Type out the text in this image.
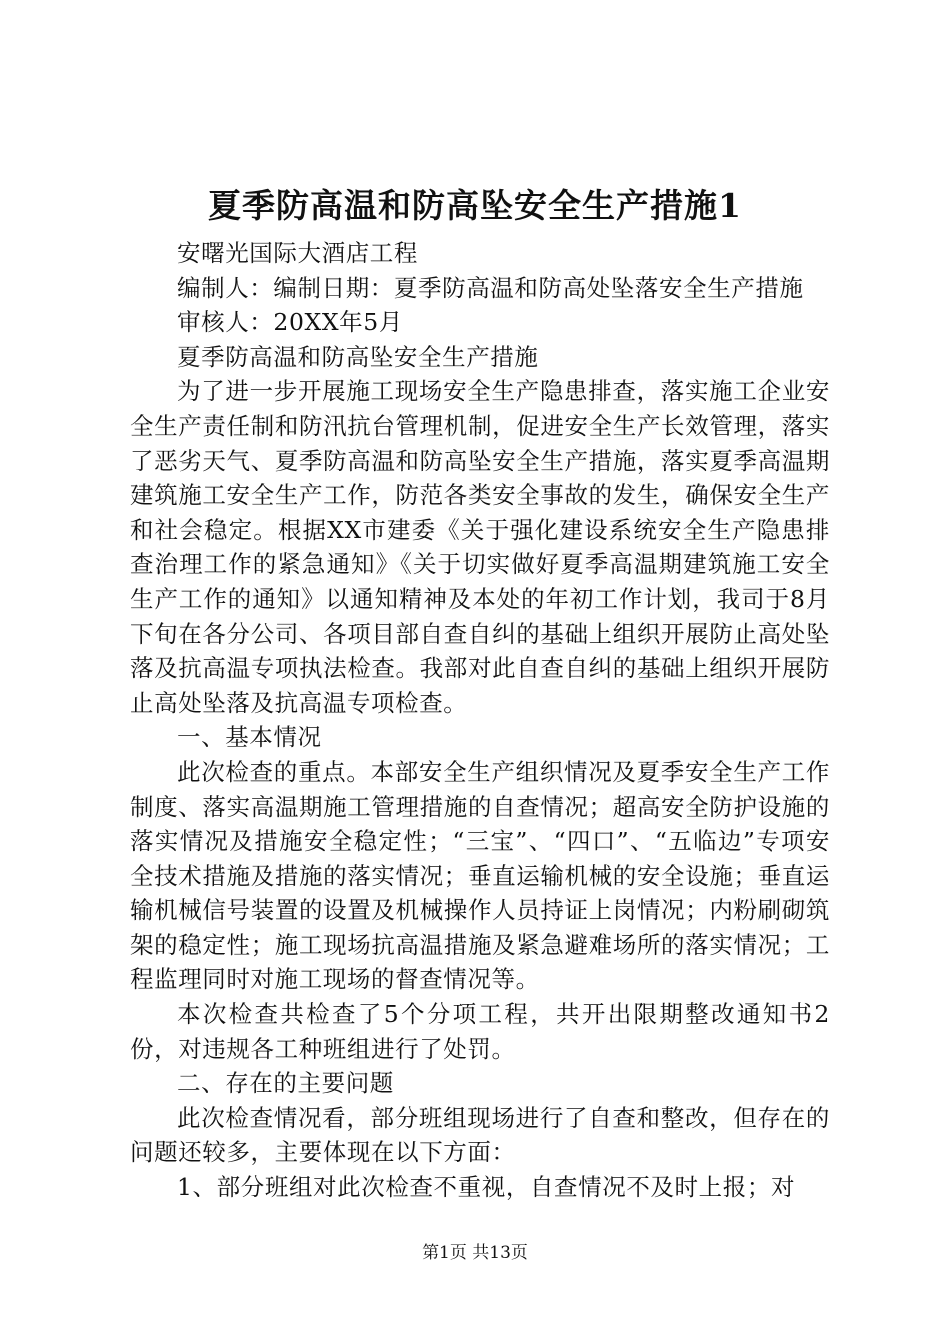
夏季防高温和防高坠安全生产措施1

安曙光国际大酒店工程

编制人：编制日期：夏季防高温和防高处坠落安全生产措施

审核人：20XX年5月

夏季防高温和防高坠安全生产措施

为了进一步开展施工现场安全生产隐患排查，落实施工企业安全生产责任制和防汛抗台管理机制，促进安全生产长效管理，落实了恶劣天气、夏季防高温和防高坠安全生产措施，落实夏季高温期建筑施工安全生产工作，防范各类安全事故的发生，确保安全生产和社会稳定。根据XX市建委《关于强化建设系统安全生产隐患排查治理工作的紧急通知》《关于切实做好夏季高温期建筑施工安全生产工作的通知》以通知精神及本处的年初工作计划，我司于8月下旬在各分公司、各项目部自查自纠的基础上组织开展防止高处坠落及抗高温专项执法检查。我部对此自查自纠的基础上组织开展防止高处坠落及抗高温专项检查。

一、基本情况

此次检查的重点。本部安全生产组织情况及夏季安全生产工作制度、落实高温期施工管理措施的自查情况；超高安全防护设施的落实情况及措施安全稳定性；“三宝”、“四口”、“五临边”专项安全技术措施及措施的落实情况；垂直运输机械的安全设施；垂直运输机械信号装置的设置及机械操作人员持证上岗情况；内粉刷砌筑架的稳定性；施工现场抗高温措施及紧急避难场所的落实情况；工程监理同时对施工现场的督查情况等。

本次检查共检查了5个分项工程，共开出限期整改通知书2份，对违规各工种班组进行了处罚。

二、存在的主要问题

此次检查情况看，部分班组现场进行了自查和整改，但存在的问题还较多，主要体现在以下方面：

1、部分班组对此次检查不重视，自查情况不及时上报；对

第1页 共13页
